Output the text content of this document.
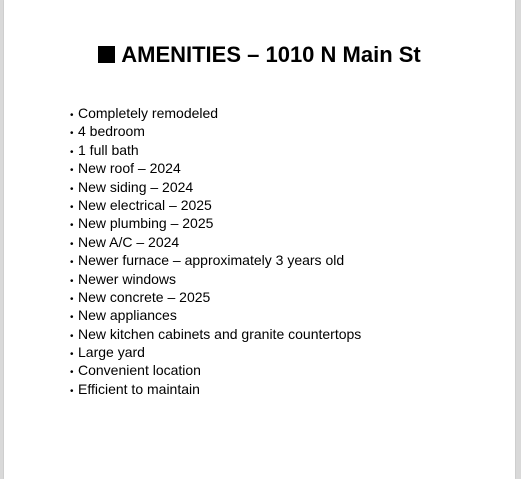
AMENITIES – 1010 N Main St
• Completely remodeled
• 4 bedroom
• 1 full bath
• New roof – 2024
• New siding – 2024
• New electrical – 2025
• New plumbing – 2025
• New A/C – 2024
• Newer furnace – approximately 3 years old
• Newer windows
• New concrete – 2025
• New appliances
• New kitchen cabinets and granite countertops
• Large yard
• Convenient location
• Efficient to maintain
